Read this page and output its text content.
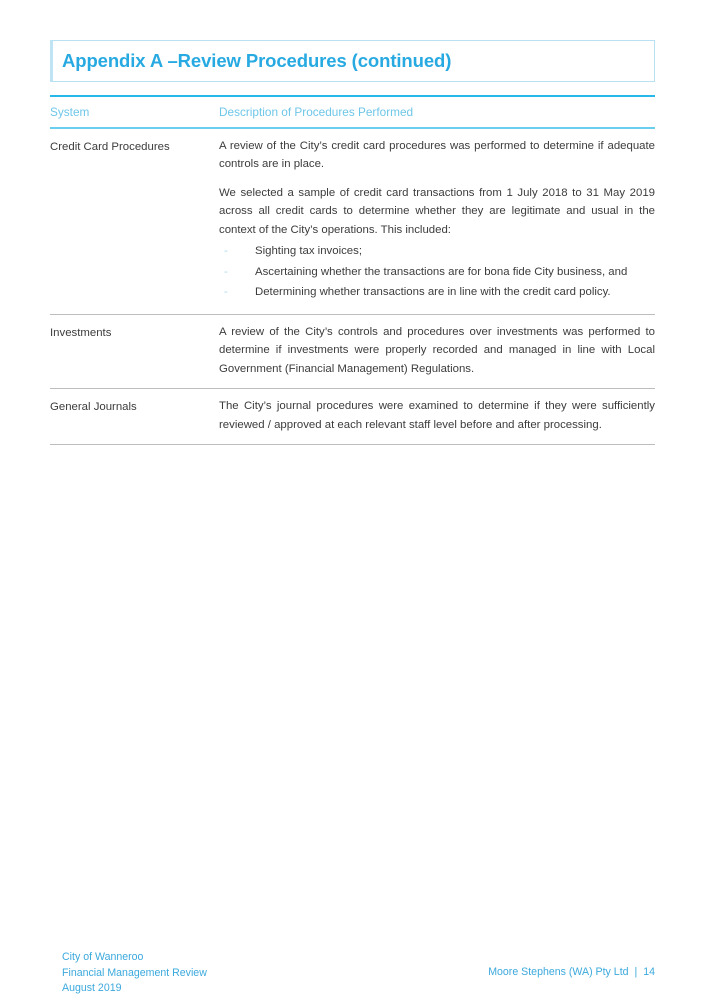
Appendix A –Review Procedures (continued)
System	Description of Procedures Performed
Credit Card Procedures	A review of the City’s credit card procedures was performed to determine if adequate controls are in place.

We selected a sample of credit card transactions from 1 July 2018 to 31 May 2019 across all credit cards to determine whether they are legitimate and usual in the context of the City’s operations. This included:

- Sighting tax invoices;
- Ascertaining whether the transactions are for bona fide City business, and
- Determining whether transactions are in line with the credit card policy.
Investments	A review of the City’s controls and procedures over investments was performed to determine if investments were properly recorded and managed in line with Local Government (Financial Management) Regulations.

General Journals	The City’s journal procedures were examined to determine if they were sufficiently reviewed / approved at each relevant staff level before and after processing.

City of Wanneroo
Financial Management Review
August 2019
Moore Stephens (WA) Pty Ltd | 14
